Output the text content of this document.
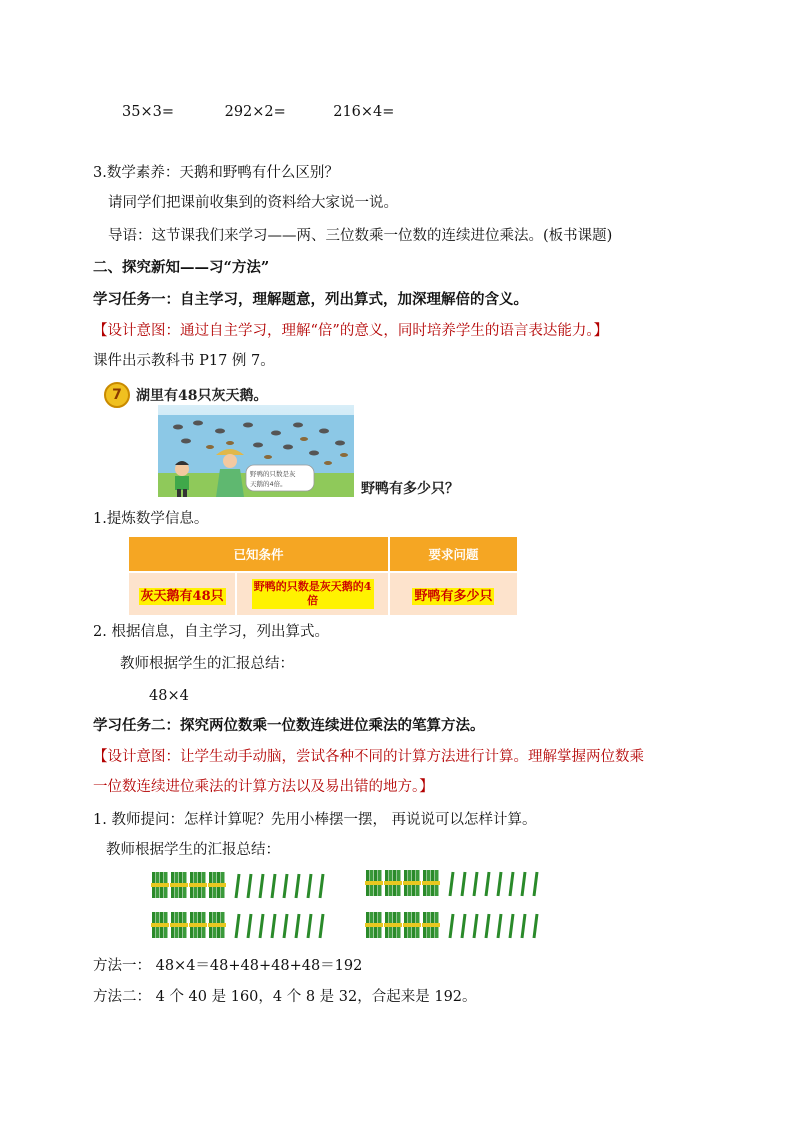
35×3=	292×2=	216×4=
3.数学素养：天鹅和野鸭有什么区别？
请同学们把课前收集到的资料给大家说一说。
导语：这节课我们来学习——两、三位数乘一位数的连续进位乘法。(板书课题)
二、探究新知——习“方法”
学习任务一：自主学习，理解题意，列出算式，加深理解倍的含义。
【设计意图：通过自主学习，理解“倍”的意义，同时培养学生的语言表达能力。】
课件出示教科书 P17 例 7。
7	湖里有48只灰天鹅。
野鸭的只数是灰
天鹅的4倍。	野鸭有多少只？
1.提炼数学信息。
已知条件		要求问题
灰天鹅有48只	野鸭的只数是灰天鹅的4倍	野鸭有多少只
2. 根据信息，自主学习，列出算式。
教师根据学生的汇报总结：
48×4
学习任务二：探究两位数乘一位数连续进位乘法的笔算方法。
【设计意图：让学生动手动脑，尝试各种不同的计算方法进行计算。理解掌握两位数乘
一位数连续进位乘法的计算方法以及易出错的地方。】
1. 教师提问：怎样计算呢？先用小棒摆一摆， 再说说可以怎样计算。
教师根据学生的汇报总结：
方法一： 48×4＝48+48+48+48＝192
方法二： 4 个 40 是 160，4 个 8 是 32，合起来是 192。
